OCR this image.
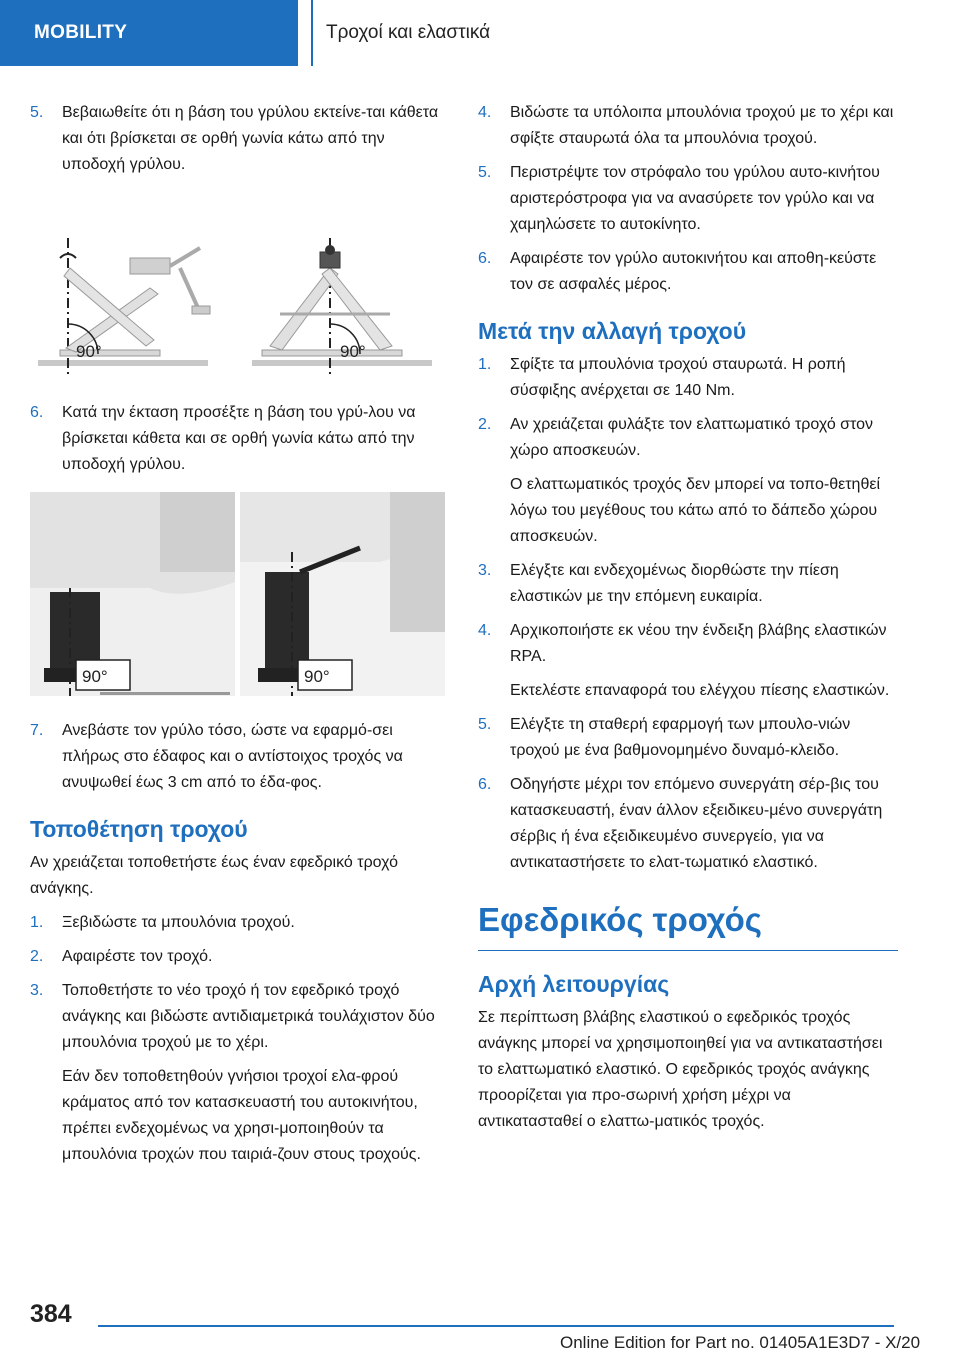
MOBILITY	Τροχοί και ελαστικά
5.	Βεβαιωθείτε ότι η βάση του γρύλου εκτείνε-ται κάθετα και ότι βρίσκεται σε ορθή γωνία κάτω από την υποδοχή γρύλου.
90°	90°
6.	Κατά την έκταση προσέξτε η βάση του γρύ-λου να βρίσκεται κάθετα και σε ορθή γωνία κάτω από την υποδοχή γρύλου.
90°	90°
7.	Ανεβάστε τον γρύλο τόσο, ώστε να εφαρμό-σει πλήρως στο έδαφος και ο αντίστοιχος τροχός να ανυψωθεί έως 3 cm από το έδα-φος.
Τοποθέτηση τροχού
Αν χρειάζεται τοποθετήστε έως έναν εφεδρικό τροχό ανάγκης.
1.	Ξεβιδώστε τα μπουλόνια τροχού.
2.	Αφαιρέστε τον τροχό.
3.	Τοποθετήστε το νέο τροχό ή τον εφεδρικό τροχό ανάγκης και βιδώστε αντιδιαμετρικά τουλάχιστον δύο μπουλόνια τροχού με το χέρι.
Εάν δεν τοποθετηθούν γνήσιοι τροχοί ελα-φρού κράματος από τον κατασκευαστή του αυτοκινήτου, πρέπει ενδεχομένως να χρησι-μοποιηθούν τα μπουλόνια τροχών που ταιριά-ζουν στους τροχούς.
4.	Βιδώστε τα υπόλοιπα μπουλόνια τροχού με το χέρι και σφίξτε σταυρωτά όλα τα μπουλόνια τροχού.
5.	Περιστρέψτε τον στρόφαλο του γρύλου αυτο-κινήτου αριστερόστροφα για να ανασύρετε τον γρύλο και να χαμηλώσετε το αυτοκίνητο.
6.	Αφαιρέστε τον γρύλο αυτοκινήτου και αποθη-κεύστε τον σε ασφαλές μέρος.
Μετά την αλλαγή τροχού
1.	Σφίξτε τα μπουλόνια τροχού σταυρωτά. Η ροπή σύσφιξης ανέρχεται σε 140 Nm.
2.	Αν χρειάζεται φυλάξτε τον ελαττωματικό τροχό στον χώρο αποσκευών.
Ο ελαττωματικός τροχός δεν μπορεί να τοπο-θετηθεί λόγω του μεγέθους του κάτω από το δάπεδο χώρου αποσκευών.
3.	Ελέγξτε και ενδεχομένως διορθώστε την πίεση ελαστικών με την επόμενη ευκαιρία.
4.	Αρχικοποιήστε εκ νέου την ένδειξη βλάβης ελαστικών RPA.
Εκτελέστε επαναφορά του ελέγχου πίεσης ελαστικών.
5.	Ελέγξτε τη σταθερή εφαρμογή των μπουλο-νιών τροχού με ένα βαθμονομημένο δυναμό-κλειδο.
6.	Οδηγήστε μέχρι τον επόμενο συνεργάτη σέρ-βις του κατασκευαστή, έναν άλλον εξειδικευ-μένο συνεργάτη σέρβις ή ένα εξειδικευμένο συνεργείο, για να αντικαταστήσετε το ελατ-τωματικό ελαστικό.
Εφεδρικός τροχός
Αρχή λειτουργίας
Σε περίπτωση βλάβης ελαστικού ο εφεδρικός τροχός ανάγκης μπορεί να χρησιμοποιηθεί για να αντικαταστήσει το ελαττωματικό ελαστικό. Ο εφεδρικός τροχός ανάγκης προορίζεται για προ-σωρινή χρήση μέχρι να αντικατασταθεί ο ελαττω-ματικός τροχός.
384
Online Edition for Part no. 01405A1E3D7 - X/20
